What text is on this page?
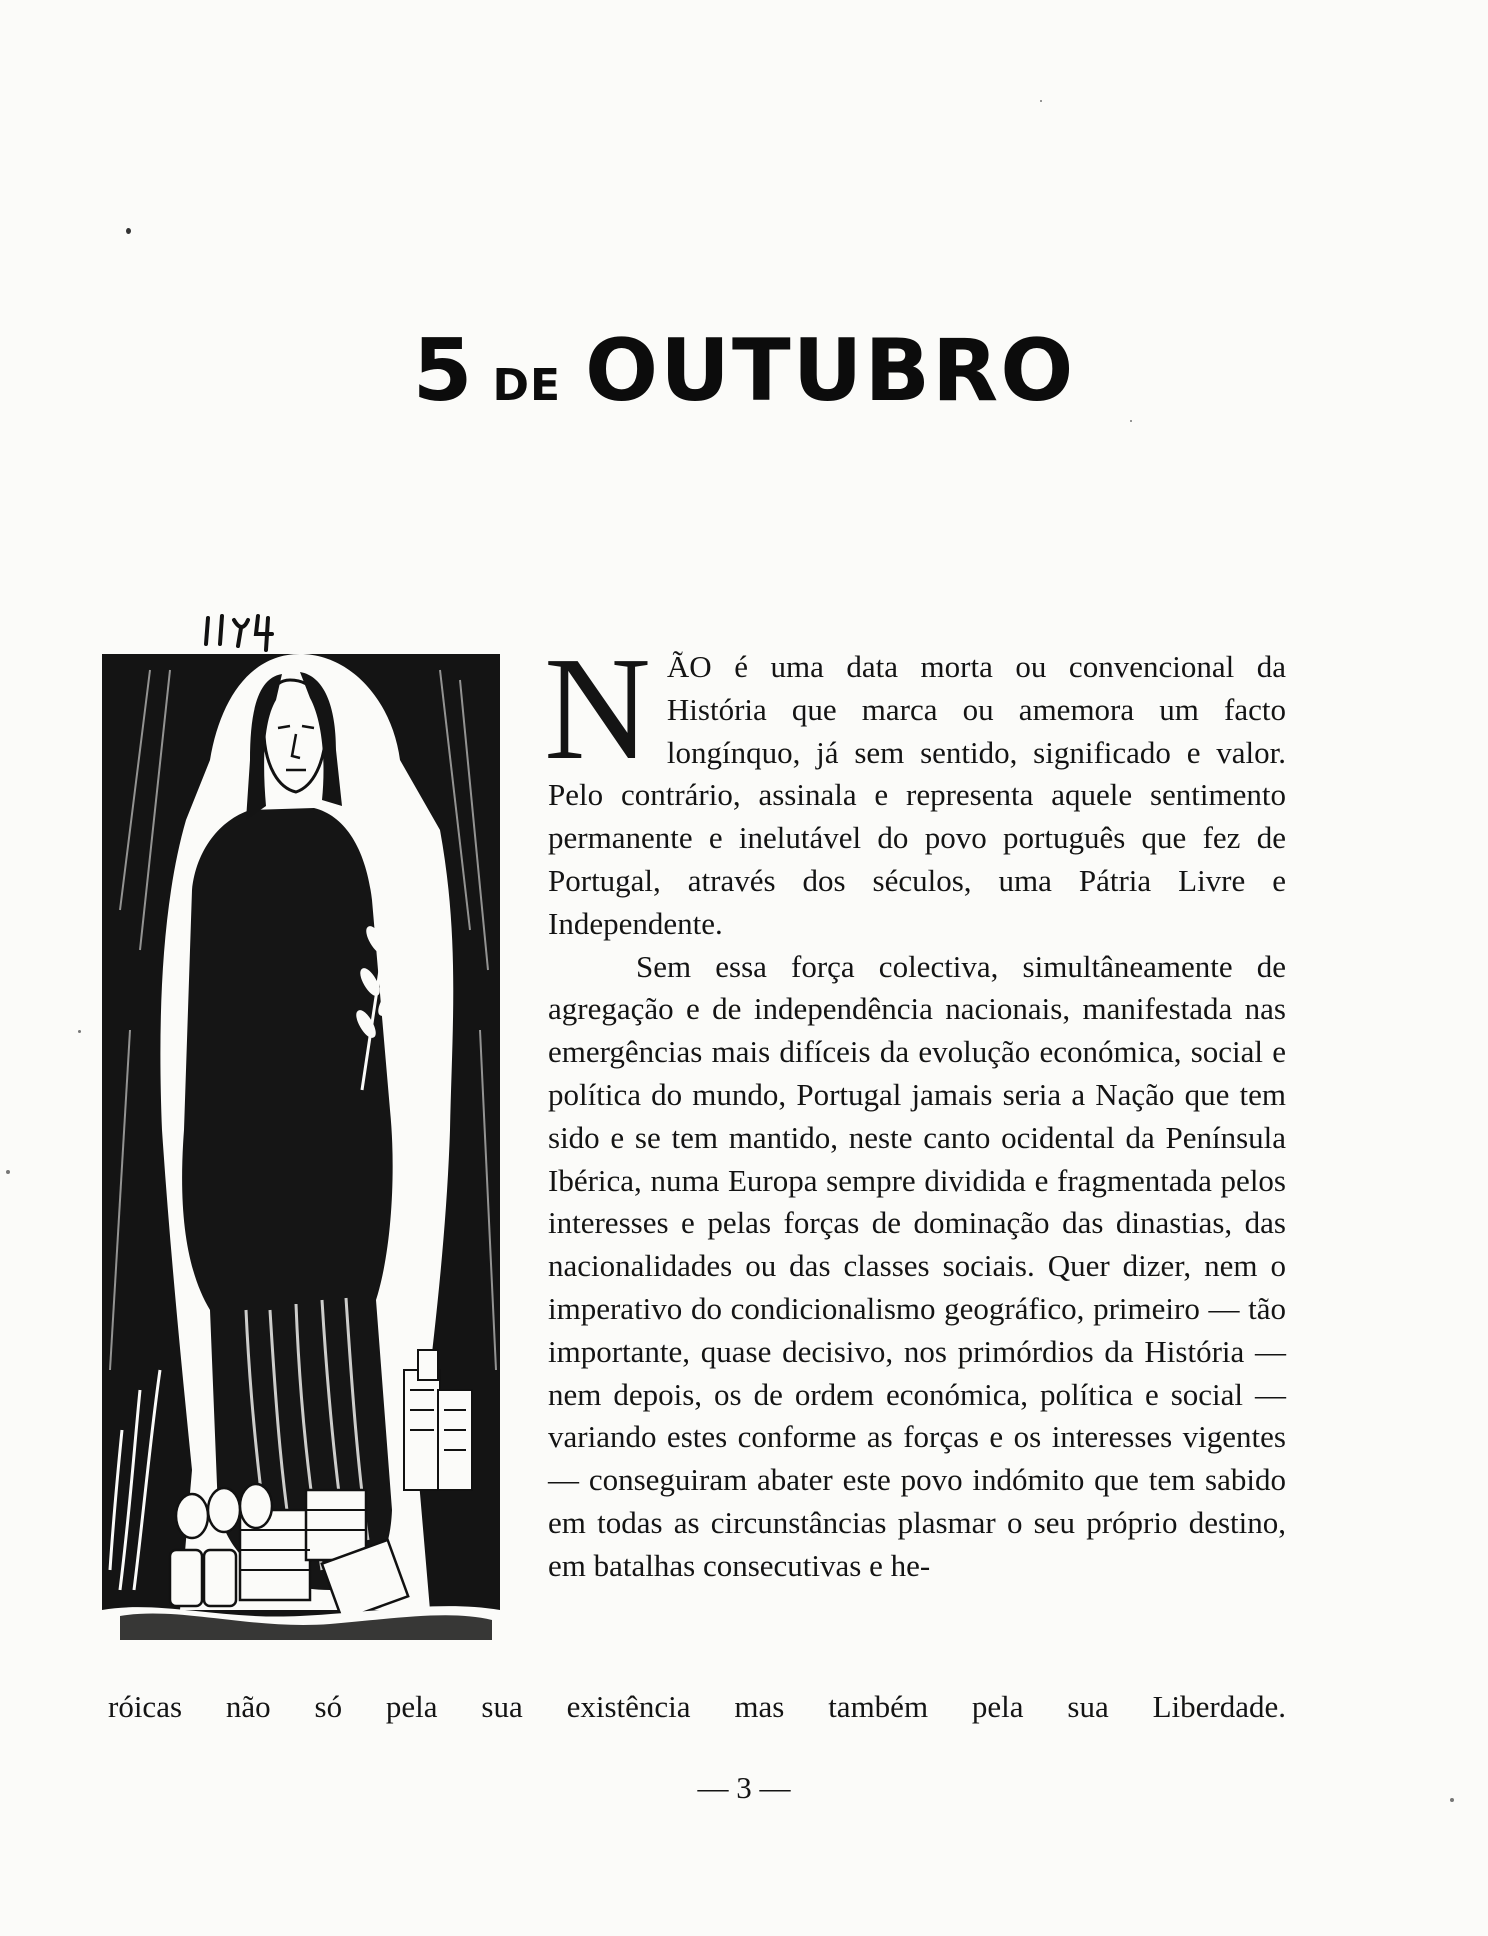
5 DE OUTUBRO

NÃO é uma data morta ou convencional da História que marca ou amemora um facto longínquo, já sem sentido, significado e valor. Pelo contrário, assinala e representa aquele sentimento permanente e inelutável do povo português que fez de Portugal, através dos séculos, uma Pátria Livre e Independente.

Sem essa força colectiva, simultâneamente de agregação e de independência nacionais, manifestada nas emergências mais difíceis da evolução económica, social e política do mundo, Portugal jamais seria a Nação que tem sido e se tem mantido, neste canto ocidental da Península Ibérica, numa Europa sempre dividida e fragmentada pelos interesses e pelas forças de dominação das dinastias, das nacionalidades ou das classes sociais. Quer dizer, nem o imperativo do condicionalismo geográfico, primeiro — tão importante, quase decisivo, nos primórdios da História — nem depois, os de ordem económica, política e social — variando estes conforme as forças e os interesses vigentes — conseguiram abater este povo indómito que tem sabido em todas as circunstâncias plasmar o seu próprio destino, em batalhas consecutivas e he-

róicas não só pela sua existência mas também pela sua Liberdade.
— 3 —
